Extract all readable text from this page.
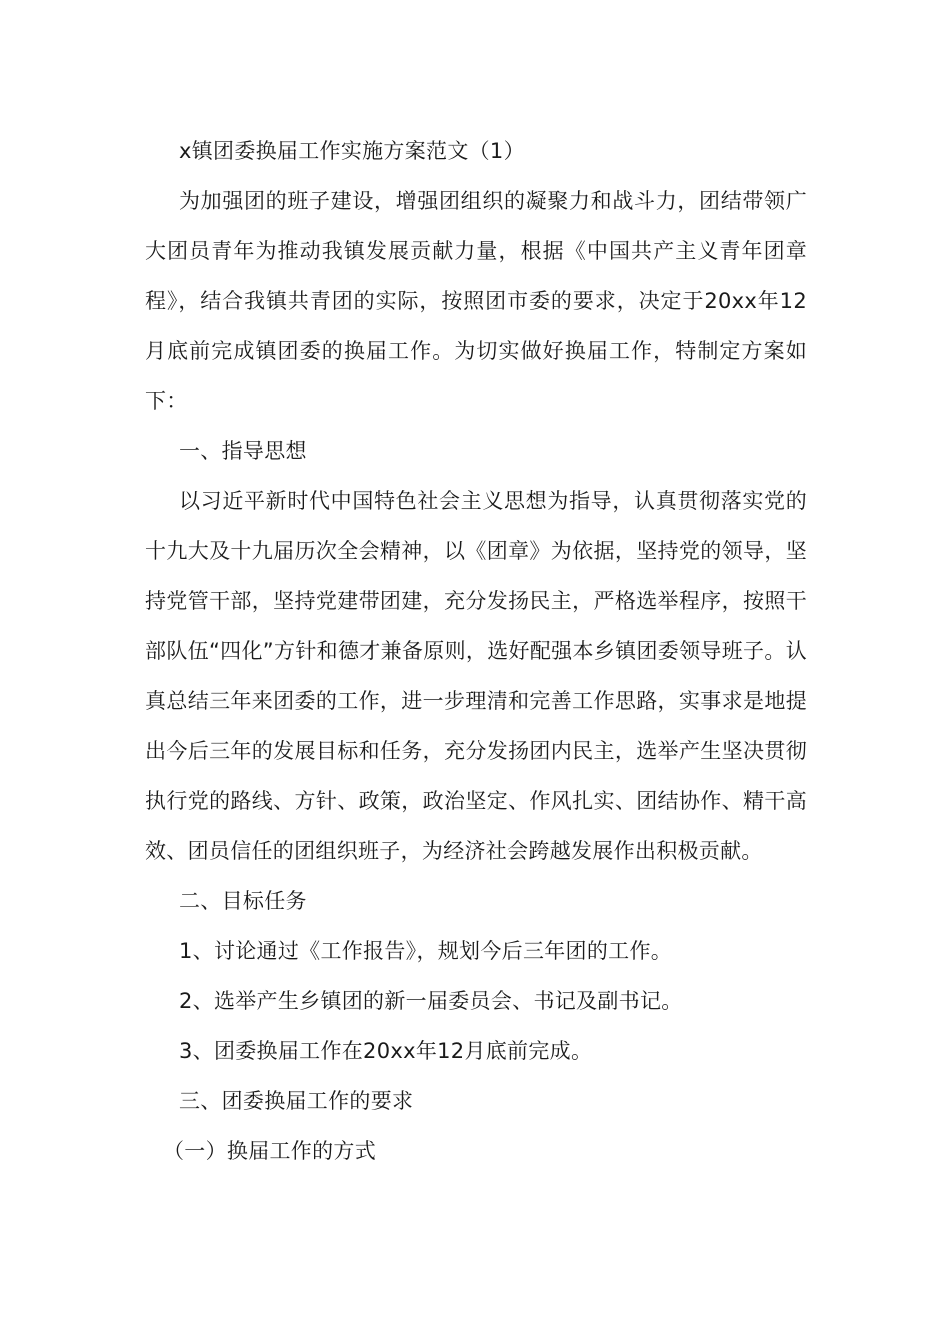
x镇团委换届工作实施方案范文（1）

为加强团的班子建设，增强团组织的凝聚力和战斗力，团结带领广大团员青年为推动我镇发展贡献力量，根据《中国共产主义青年团章程》，结合我镇共青团的实际，按照团市委的要求，决定于20xx年12月底前完成镇团委的换届工作。为切实做好换届工作，特制定方案如下：

一、指导思想

以习近平新时代中国特色社会主义思想为指导，认真贯彻落实党的十九大及十九届历次全会精神，以《团章》为依据，坚持党的领导，坚持党管干部，坚持党建带团建，充分发扬民主，严格选举程序，按照干部队伍“四化”方针和德才兼备原则，选好配强本乡镇团委领导班子。认真总结三年来团委的工作，进一步理清和完善工作思路，实事求是地提出今后三年的发展目标和任务，充分发扬团内民主，选举产生坚决贯彻执行党的路线、方针、政策，政治坚定、作风扎实、团结协作、精干高效、团员信任的团组织班子，为经济社会跨越发展作出积极贡献。

二、目标任务

1、讨论通过《工作报告》，规划今后三年团的工作。

2、选举产生乡镇团的新一届委员会、书记及副书记。

3、团委换届工作在20xx年12月底前完成。

三、团委换届工作的要求

（一）换届工作的方式
